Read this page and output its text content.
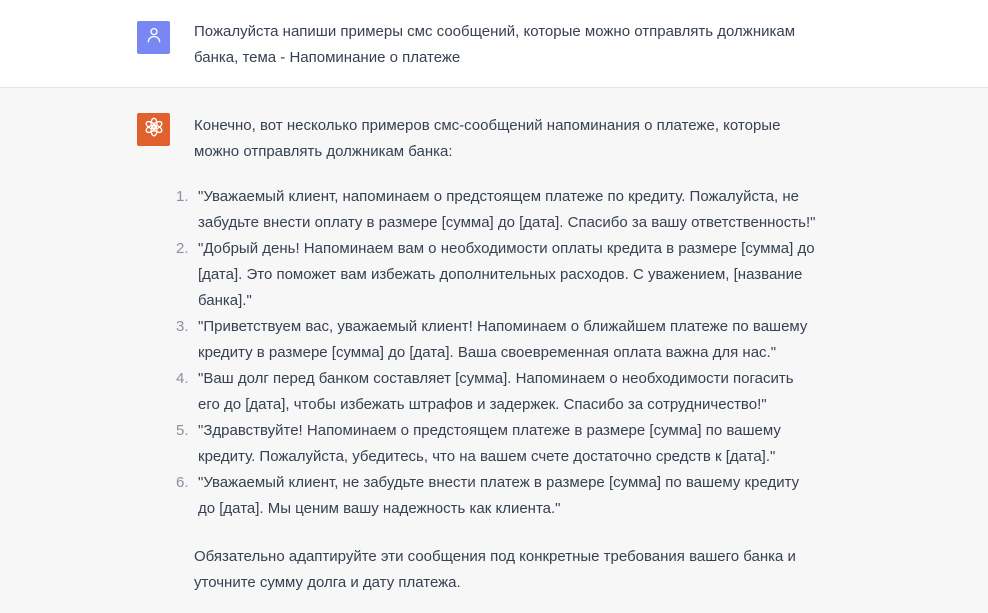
Пожалуйста напиши примеры смс сообщений, которые можно отправлять должникам банка, тема - Напоминание о платеже
Конечно, вот несколько примеров смс-сообщений напоминания о платеже, которые можно отправлять должникам банка:
1. "Уважаемый клиент, напоминаем о предстоящем платеже по кредиту. Пожалуйста, не забудьте внести оплату в размере [сумма] до [дата]. Спасибо за вашу ответственность!"
2. "Добрый день! Напоминаем вам о необходимости оплаты кредита в размере [сумма] до [дата]. Это поможет вам избежать дополнительных расходов. С уважением, [название банка]."
3. "Приветствуем вас, уважаемый клиент! Напоминаем о ближайшем платеже по вашему кредиту в размере [сумма] до [дата]. Ваша своевременная оплата важна для нас."
4. "Ваш долг перед банком составляет [сумма]. Напоминаем о необходимости погасить его до [дата], чтобы избежать штрафов и задержек. Спасибо за сотрудничество!"
5. "Здравствуйте! Напоминаем о предстоящем платеже в размере [сумма] по вашему кредиту. Пожалуйста, убедитесь, что на вашем счете достаточно средств к [дата]."
6. "Уважаемый клиент, не забудьте внести платеж в размере [сумма] по вашему кредиту до [дата]. Мы ценим вашу надежность как клиента."
Обязательно адаптируйте эти сообщения под конкретные требования вашего банка и уточните сумму долга и дату платежа.
